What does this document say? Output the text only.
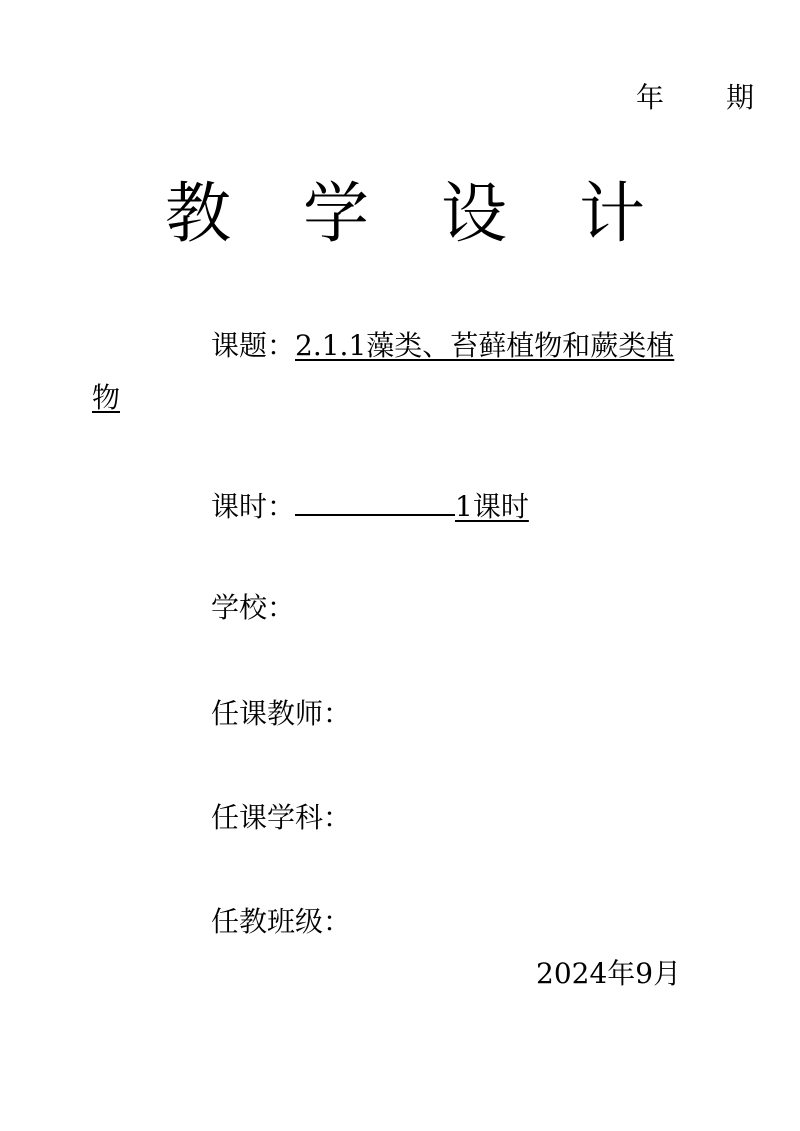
年 期
教 学 设 计
课题：2.1.1藻类、苔藓植物和蕨类植
物
课时：	1课时
学校：
任课教师：
任课学科：
任教班级：
2024年9月
